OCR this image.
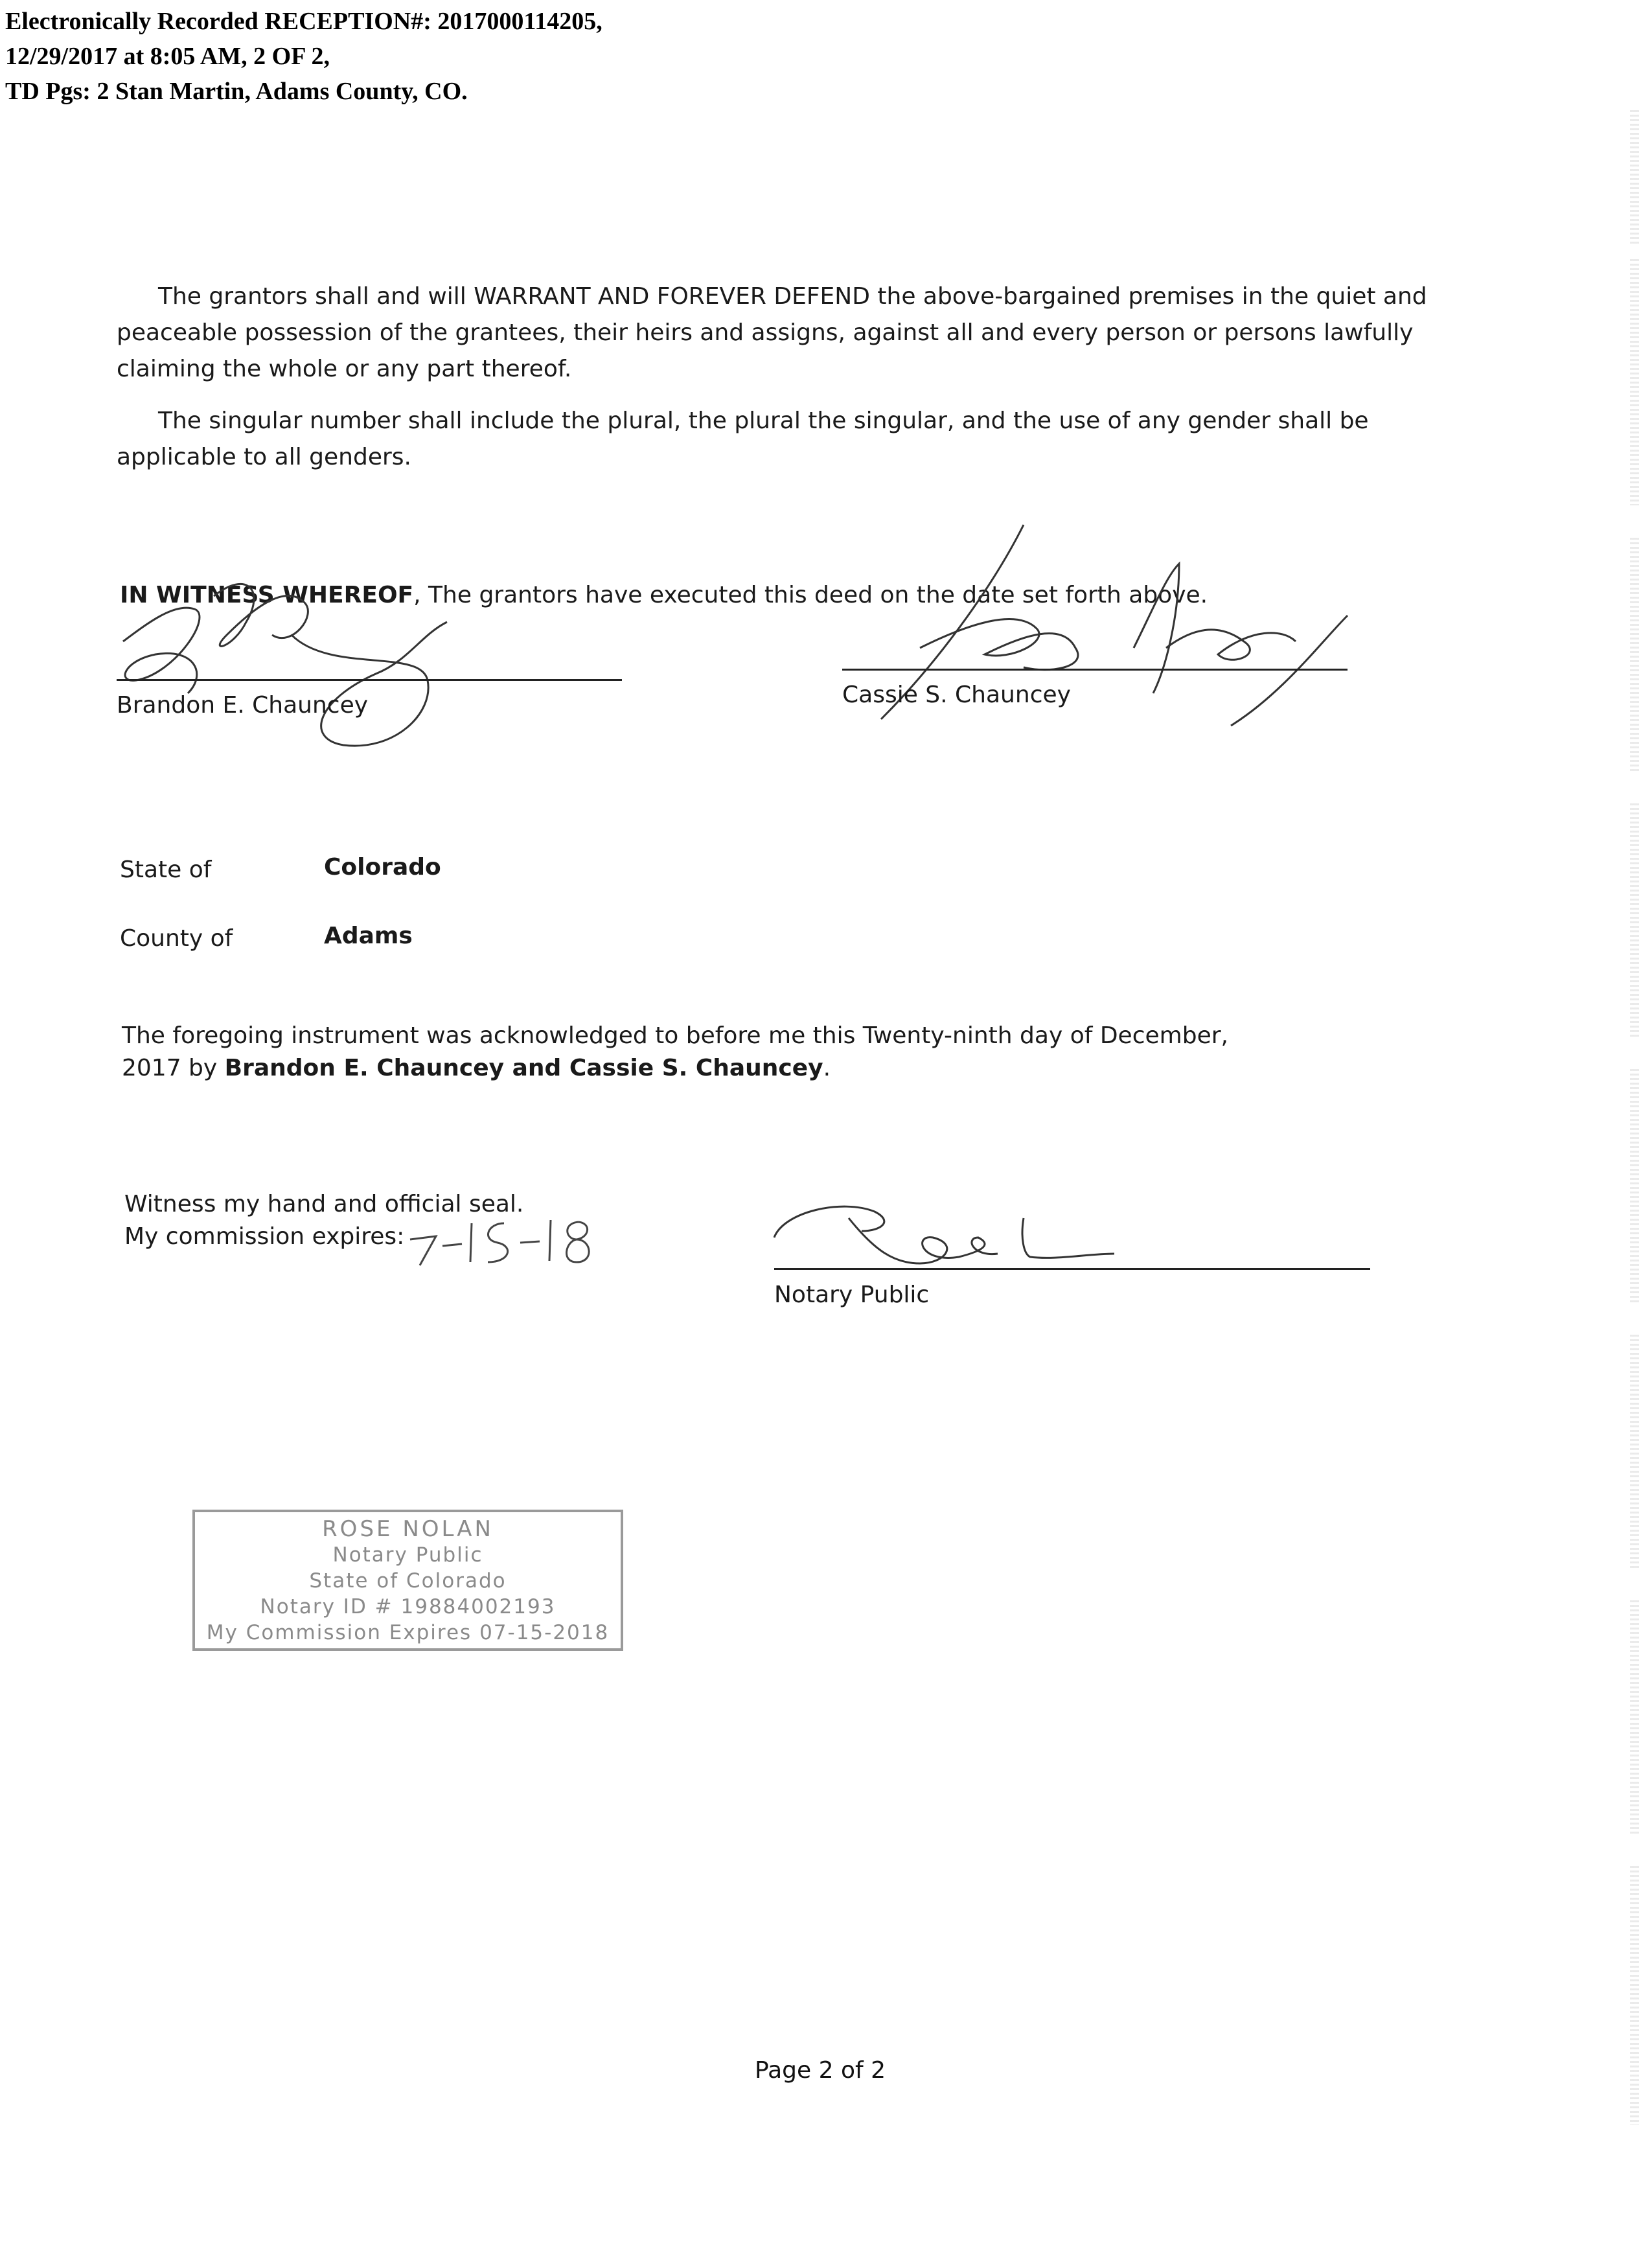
Electronically Recorded RECEPTION#: 2017000114205,
12/29/2017 at 8:05 AM, 2 OF 2,
TD Pgs: 2 Stan Martin, Adams County, CO.
The grantors shall and will WARRANT AND FOREVER DEFEND the above-bargained premises in the quiet and peaceable possession of the grantees, their heirs and assigns, against all and every person or persons lawfully claiming the whole or any part thereof.
The singular number shall include the plural, the plural the singular, and the use of any gender shall be applicable to all genders.
IN WITNESS WHEREOF, The grantors have executed this deed on the date set forth above.
Brandon E. Chauncey	Cassie S. Chauncey
State of	Colorado
County of	Adams
The foregoing instrument was acknowledged to before me this Twenty-ninth day of December,
2017 by Brandon E. Chauncey and Cassie S. Chauncey.
Witness my hand and official seal.
My commission expires:
Notary Public
ROSE NOLAN
Notary Public
State of Colorado
Notary ID # 19884002193
My Commission Expires 07-15-2018
Page 2 of 2
